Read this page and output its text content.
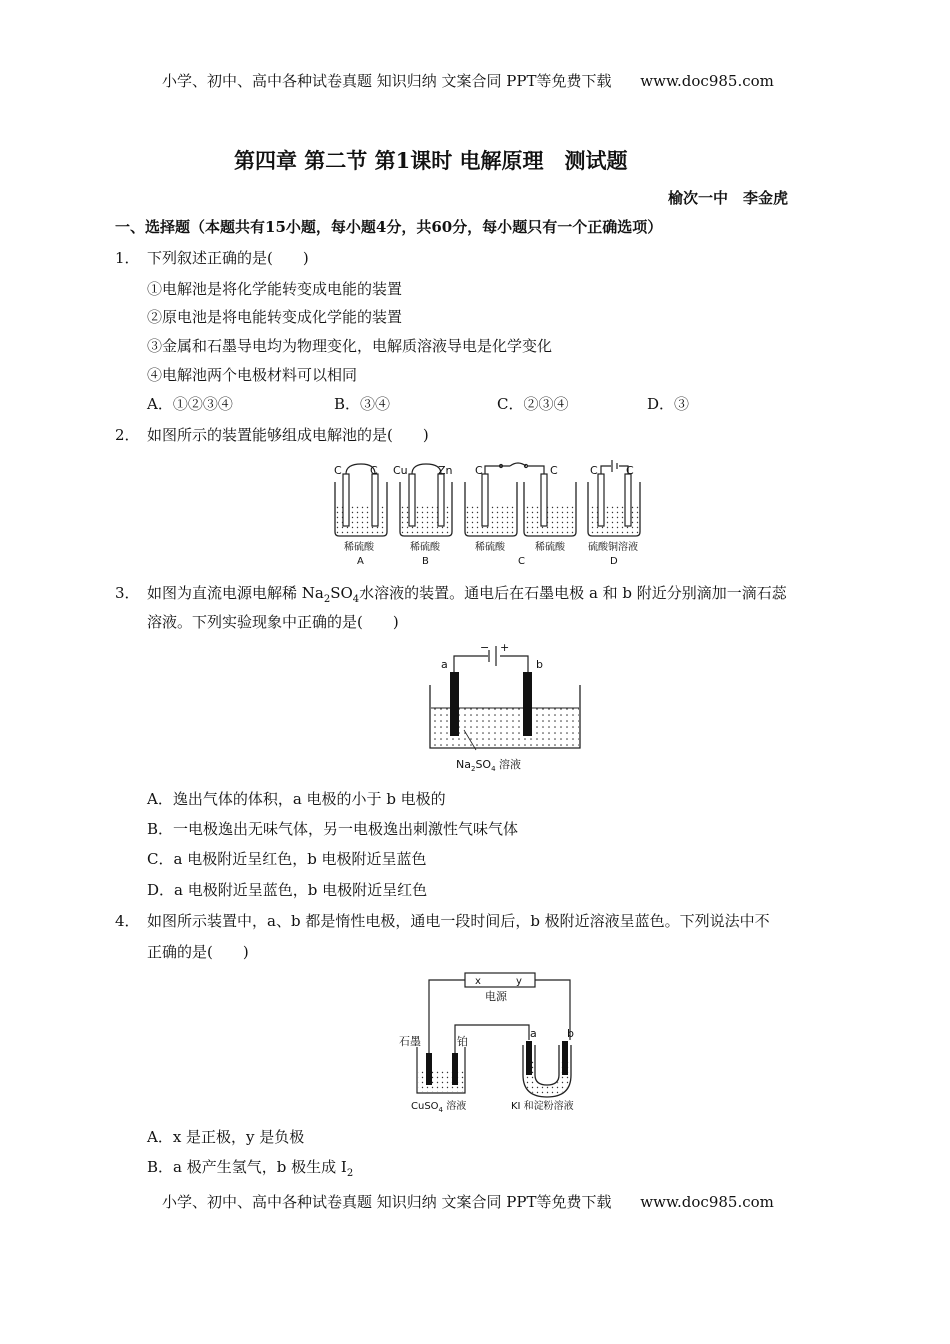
小学、初中、高中各种试卷真题 知识归纳 文案合同 PPT等免费下载 www.doc985.com
第四章 第二节 第1课时 电解原理　测试题
榆次一中　李金虎
一、选择题（本题共有15小题，每小题4分，共60分，每小题只有一个正确选项）
1． 下列叙述正确的是(　　)
①电解池是将化学能转变成电能的装置
②原电池是将电能转变成化学能的装置
③金属和石墨导电均为物理变化，电解质溶液导电是化学变化
④电解池两个电极材料可以相同
A．①②③④	B．③④	C．②③④	D．③
2． 如图所示的装置能够组成电解池的是(　　)
C	C Cu	Zn C	C	C	C
稀硫酸	稀硫酸	稀硫酸	稀硫酸 硫酸铜溶液
A	B	C	D
3． 如图为直流电源电解稀 $Na_2SO_4$水溶液的装置。通电后在石墨电极 a 和 b 附近分别滴加一滴石蕊
溶液。下列实验现象中正确的是(　　)
− +
a	b
$Na_2SO_4$ 溶液
A．逸出气体的体积，a 电极的小于 b 电极的
B．一电极逸出无味气体，另一电极逸出刺激性气味气体
C．a 电极附近呈红色，b 电极附近呈蓝色
D．a 电极附近呈蓝色，b 电极附近呈红色
4． 如图所示装置中，a、b 都是惰性电极，通电一段时间后，b 极附近溶液呈蓝色。下列说法中不
正确的是(　　)
x	y
电源
石墨	铂
a	b
CuSO$_4$ 溶液	KI 和淀粉溶液
A．x 是正极，y 是负极
B．a 极产生氢气，b 极生成 $I_2$
小学、初中、高中各种试卷真题 知识归纳 文案合同 PPT等免费下载 www.doc985.com
